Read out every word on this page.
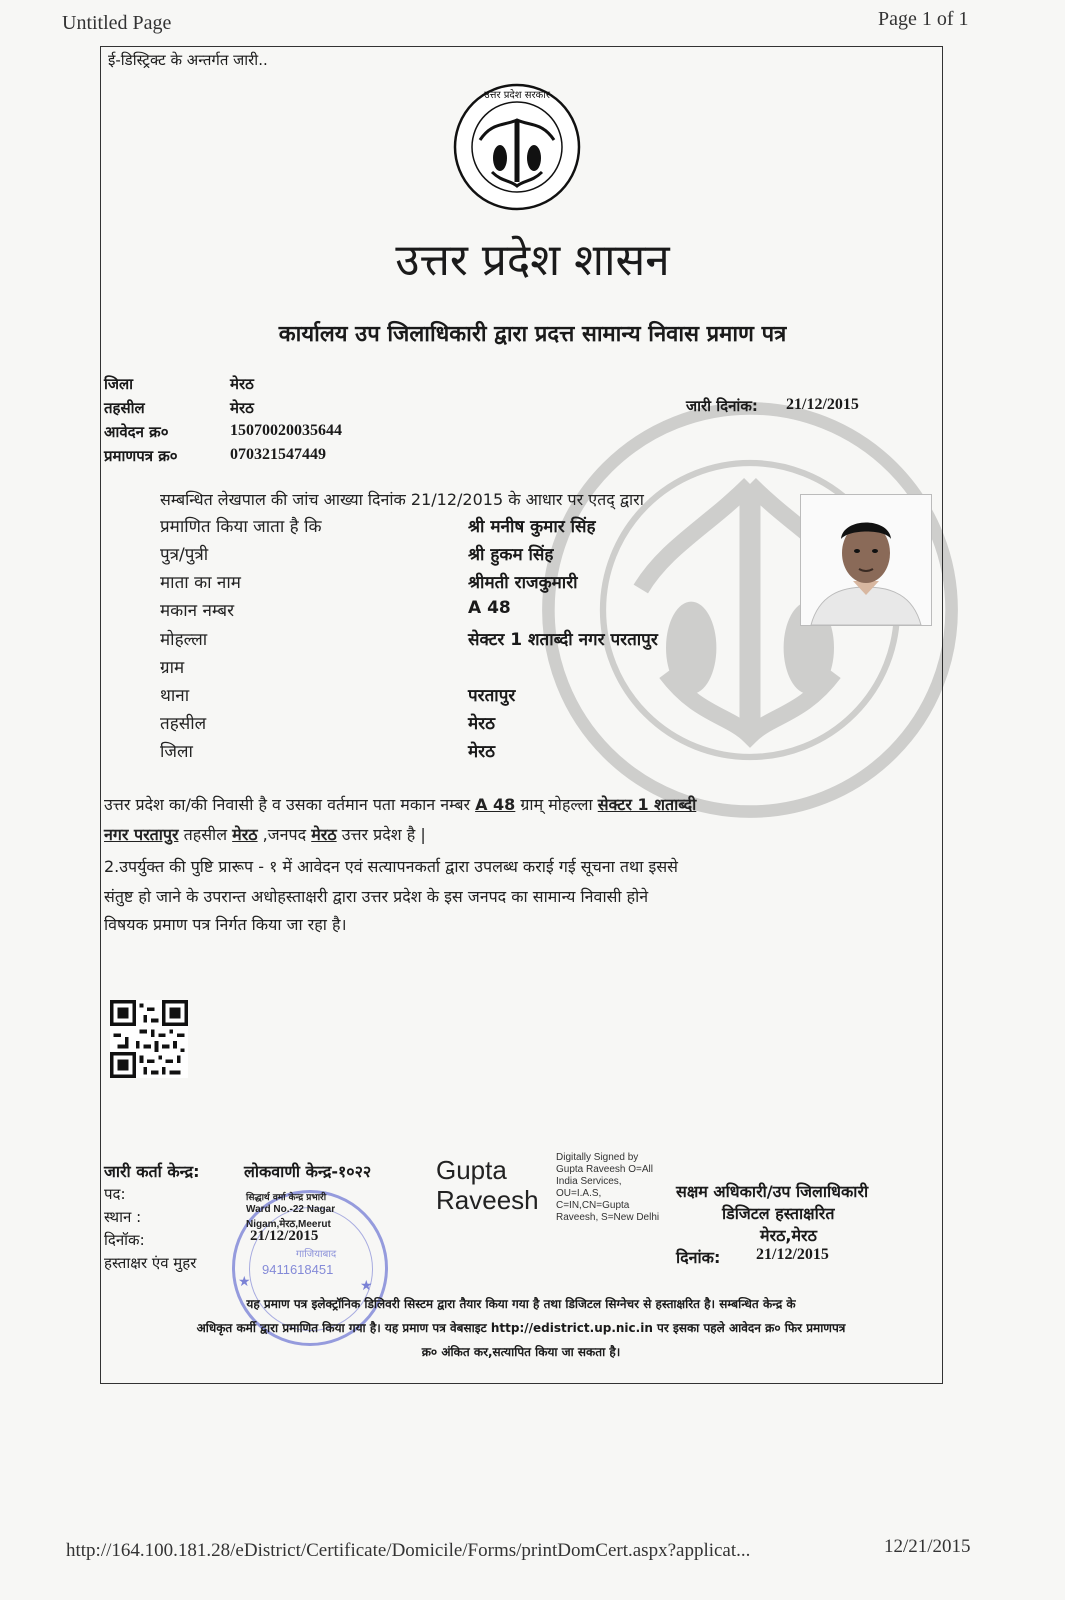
Untitled Page	Page 1 of 1
ई-डिस्ट्रिक्ट के अन्तर्गत जारी..
उत्तर प्रदेश सरकार
उत्तर प्रदेश शासन
कार्यालय उप जिलाधिकारी द्वारा प्रदत्त सामान्य निवास प्रमाण पत्र
जिला	मेरठ
तहसील	मेरठ
आवेदन क्र०	15070020035644
प्रमाणपत्र क्र०	070321547449
जारी दिनांक: 21/12/2015
सम्बन्धित लेखपाल की जांच आख्या दिनांक 21/12/2015 के आधार पर एतद् द्वारा
प्रमाणित किया जाता है कि	श्री मनीष कुमार सिंह
पुत्र/पुत्री	श्री हुकम सिंह
माता का नाम	श्रीमती राजकुमारी
मकान नम्बर	A 48
मोहल्ला	सेक्टर 1 शताब्दी नगर परतापुर
ग्राम
थाना	परतापुर
तहसील	मेरठ
जिला	मेरठ
उत्तर प्रदेश का/की निवासी है व उसका वर्तमान पता मकान नम्बर A 48 ग्राम् मोहल्ला सेक्टर 1 शताब्दी
नगर परतापुर तहसील मेरठ ,जनपद मेरठ उत्तर प्रदेश है |
2.उपर्युक्त की पुष्टि प्रारूप - १ में आवेदन एवं सत्यापनकर्ता द्वारा उपलब्ध कराई गई सूचना तथा इससे
संतुष्ट हो जाने के उपरान्त अधोहस्ताक्षरी द्वारा उत्तर प्रदेश के इस जनपद का सामान्य निवासी होने
विषयक प्रमाण पत्र निर्गत किया जा रहा है।
जारी कर्ता केन्द्र:	लोकवाणी केन्द्र-१०२२
पद:
स्थान :
दिनॉक:
हस्ताक्षर एंव मुहर
सिद्धार्थ वर्मा केन्द्र प्रभारी
Ward No.-22 Nagar
Nigam,मेरठ,Meerut
21/12/2015
गाजियाबाद
9411618451
★	★
Gupta
Raveesh
Digitally Signed by
Gupta Raveesh O=All
India Services,
OU=I.A.S,
C=IN,CN=Gupta
Raveesh, S=New Delhi
सक्षम अधिकारी/उप जिलाधिकारी
डिजिटल हस्ताक्षरित
मेरठ,मेरठ
दिनांक: 21/12/2015
यह प्रमाण पत्र इलेक्ट्रॉनिक डिलिवरी सिस्टम द्वारा तैयार किया गया है तथा डिजिटल सिग्नेचर से हस्ताक्षरित है। सम्बन्धित केन्द्र के
अधिकृत कर्मी द्वारा प्रमाणित किया गया है। यह प्रमाण पत्र वेबसाइट http://edistrict.up.nic.in पर इसका पहले आवेदन क्र० फिर प्रमाणपत्र
क्र० अंकित कर,सत्यापित किया जा सकता है।
http://164.100.181.28/eDistrict/Certificate/Domicile/Forms/printDomCert.aspx?applicat...	12/21/2015
